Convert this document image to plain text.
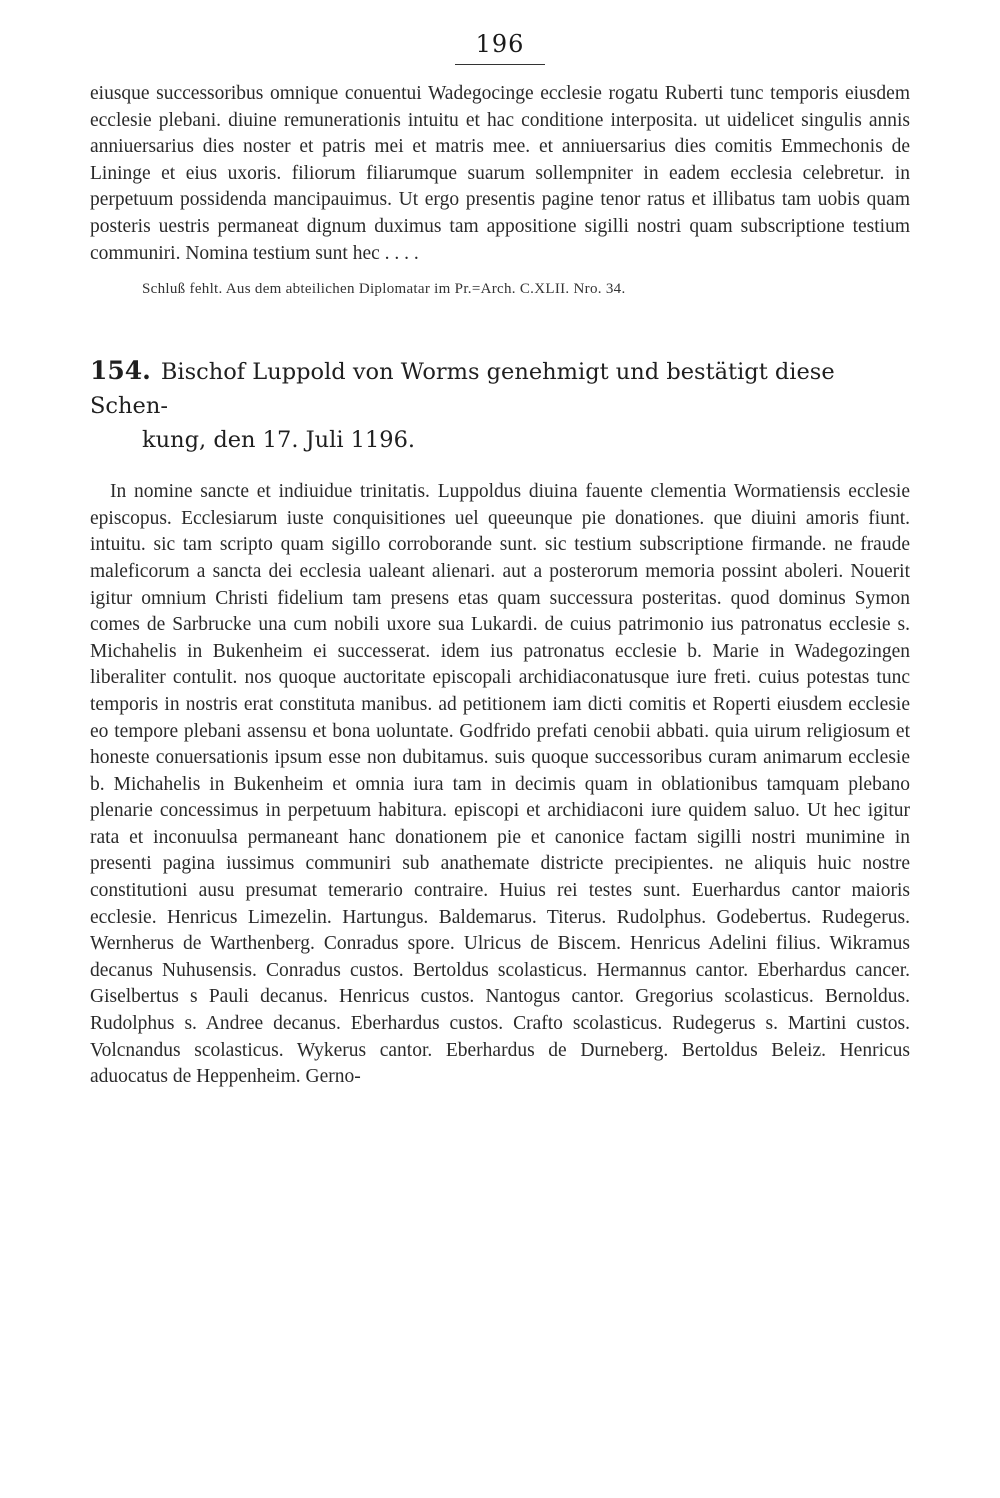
196

eiusque successoribus omnique conuentui Wadegocinge ecclesie rogatu Ruberti tunc temporis eiusdem ecclesie plebani. diuine remunerationis intuitu et hac conditione interposita. ut uidelicet singulis annis anniuersarius dies noster et patris mei et matris mee. et anniuersarius dies comitis Emmechonis de Liningе et eius uxoris. filiorum filiarumque suarum sollempniter in eadem ecclesia celebretur. in perpetuum possidenda mancipauimus. Ut ergo presentis pagine tenor ratus et illibatus tam uobis quam posteris uestris permaneat dignum duximus tam appositione sigilli nostri quam subscriptione testium communiri. Nomina testium sunt hec . . . .

Schluß fehlt. Aus dem abteilichen Diplomatar im Pr.=Arch. C.XLII. Nro. 34.
154. Bischof Luppold von Worms genehmigt und bestätigt diese Schen-
kung, den 17. Juli 1196.

In nomine sancte et indiuidue trinitatis. Luppoldus diuina fauente clementia Wormatiensis ecclesie episcopus. Ecclesiarum iuste conquisitiones uel queeunque pie donationes. que diuini amoris fiunt. intuitu. sic tam scripto quam sigillo corroborande sunt. sic testium subscriptione firmande. ne fraude maleficorum a sancta dei ecclesia ualeant alienari. aut a posterorum memoria possint aboleri. Nouerit igitur omnium Christi fidelium tam presens etas quam successura posteritas. quod dominus Symon comes de Sarbrucke una cum nobili uxore sua Lukardi. de cuius patrimonio ius patronatus ecclesie s. Michahelis in Bukenheim ei successerat. idem ius patronatus ecclesie b. Marie in Wadegozingen liberaliter contulit. nos quoque auctoritate episcopali archidiaconatusque iure freti. cuius potestas tunc temporis in nostris erat constituta manibus. ad petitionem iam dicti comitis et Roperti eiusdem ecclesie eo tempore plebani assensu et bona uoluntate. Godfrido prefati cenobii abbati. quia uirum religiosum et honeste conuersationis ipsum esse non dubitamus. suis quoque successoribus curam animarum ecclesie b. Michahelis in Bukenheim et omnia iura tam in decimis quam in oblationibus tamquam plebano plenarie concessimus in perpetuum habitura. episcopi et archidiaconi iure quidem saluo. Ut hec igitur rata et inconuulsa permaneant hanc donationem pie et canonice factam sigilli nostri munimine in presenti pagina iussimus communiri sub anathemate districte precipientes. ne aliquis huic nostre constitutioni ausu presumat temerario contraire. Huius rei testes sunt. Euerhardus cantor maioris ecclesie. Henricus Limezelin. Hartungus. Baldemarus. Titerus. Rudolphus. Godebertus. Rudegerus. Wernherus de Warthenberg. Conradus spore. Ulricus de Biscem. Henricus Adelini filius. Wikramus decanus Nuhusensis. Conradus custos. Bertoldus scolasticus. Hermannus cantor. Eberhardus cancer. Giselbertus s Pauli decanus. Henricus custos. Nantogus cantor. Gregorius scolasticus. Bernoldus. Rudolphus s. Andree decanus. Eberhardus custos. Crafto scolasticus. Rudegerus s. Martini custos. Volcnandus scolasticus. Wykerus cantor. Eberhardus de Durneberg. Bertoldus Beleiz. Henricus aduocatus de Heppenheim. Gerno-
